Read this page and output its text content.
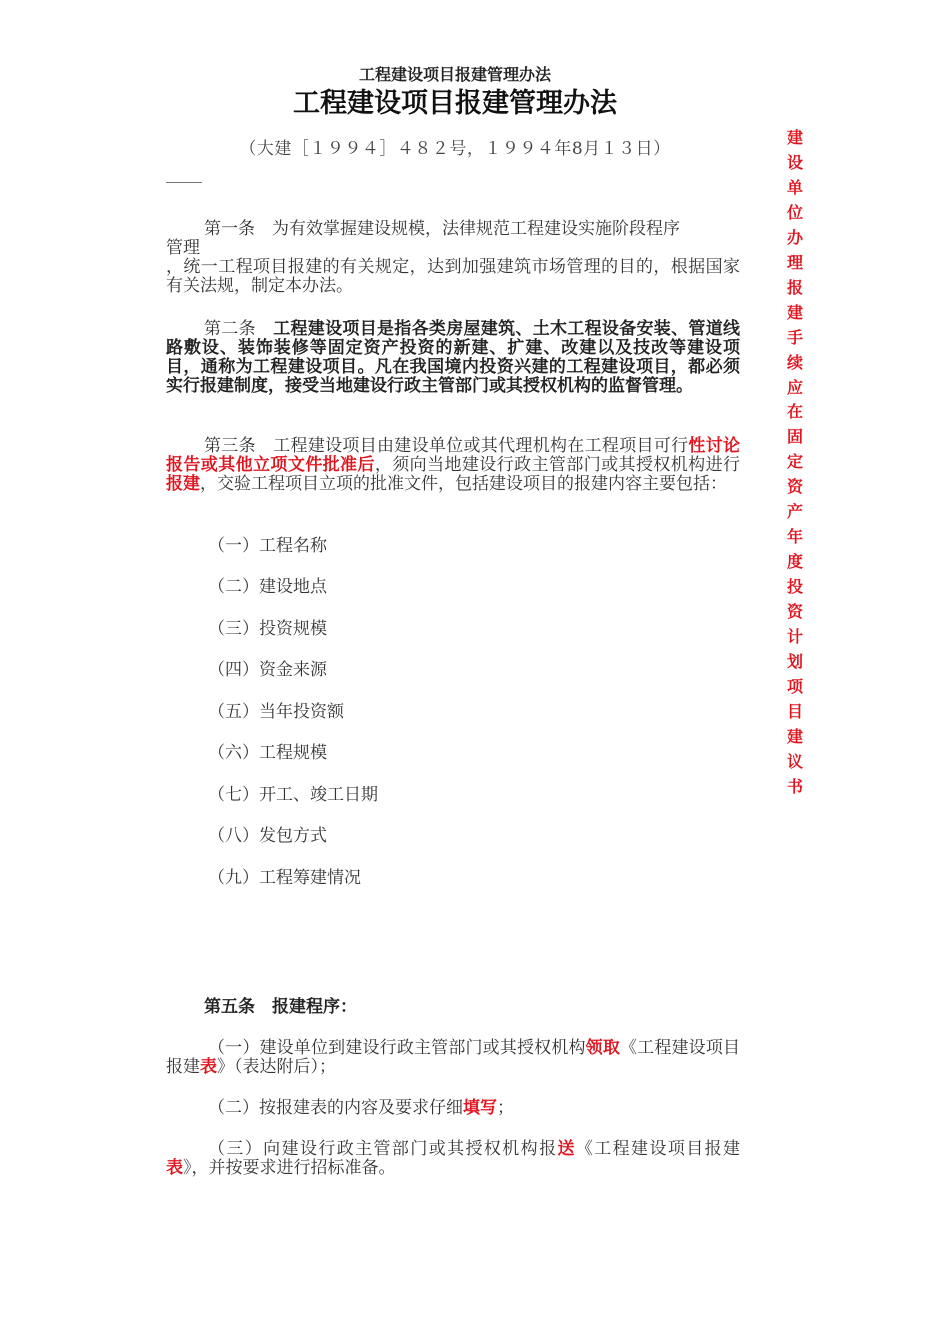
工程建设项目报建管理办法
工程建设项目报建管理办法
（大建［１９９４］４８２号，１９９４年8月１３日）
第一条　为有效掌握建设规模，法律规范工程建设实施阶段程序
管理
，统一工程项目报建的有关规定，达到加强建筑市场管理的目的，根据国家有关法规，制定本办法。
第二条　工程建设项目是指各类房屋建筑、土木工程设备安装、管道线路敷设、装饰装修等固定资产投资的新建、扩建、改建以及技改等建设项目，通称为工程建设项目。凡在我国境内投资兴建的工程建设项目，都必须实行报建制度，接受当地建设行政主管部门或其授权机构的监督管理。
第三条　工程建设项目由建设单位或其代理机构在工程项目可行性讨论报告或其他立项文件批准后，须向当地建设行政主管部门或其授权机构进行报建，交验工程项目立项的批准文件，包括建设项目的报建内容主要包括：
（一）工程名称
（二）建设地点
（三）投资规模
（四）资金来源
（五）当年投资额
（六）工程规模
（七）开工、竣工日期
（八）发包方式
（九）工程筹建情况
第五条　报建程序：
（一）建设单位到建设行政主管部门或其授权机构领取《工程建设项目报建表》（表达附后）；
（二）按报建表的内容及要求仔细填写；
（三）向建设行政主管部门或其授权机构报送《工程建设项目报建表》，并按要求进行招标准备。
建设单位办理报建手续应在固定资产年度投资计划项目建议书
